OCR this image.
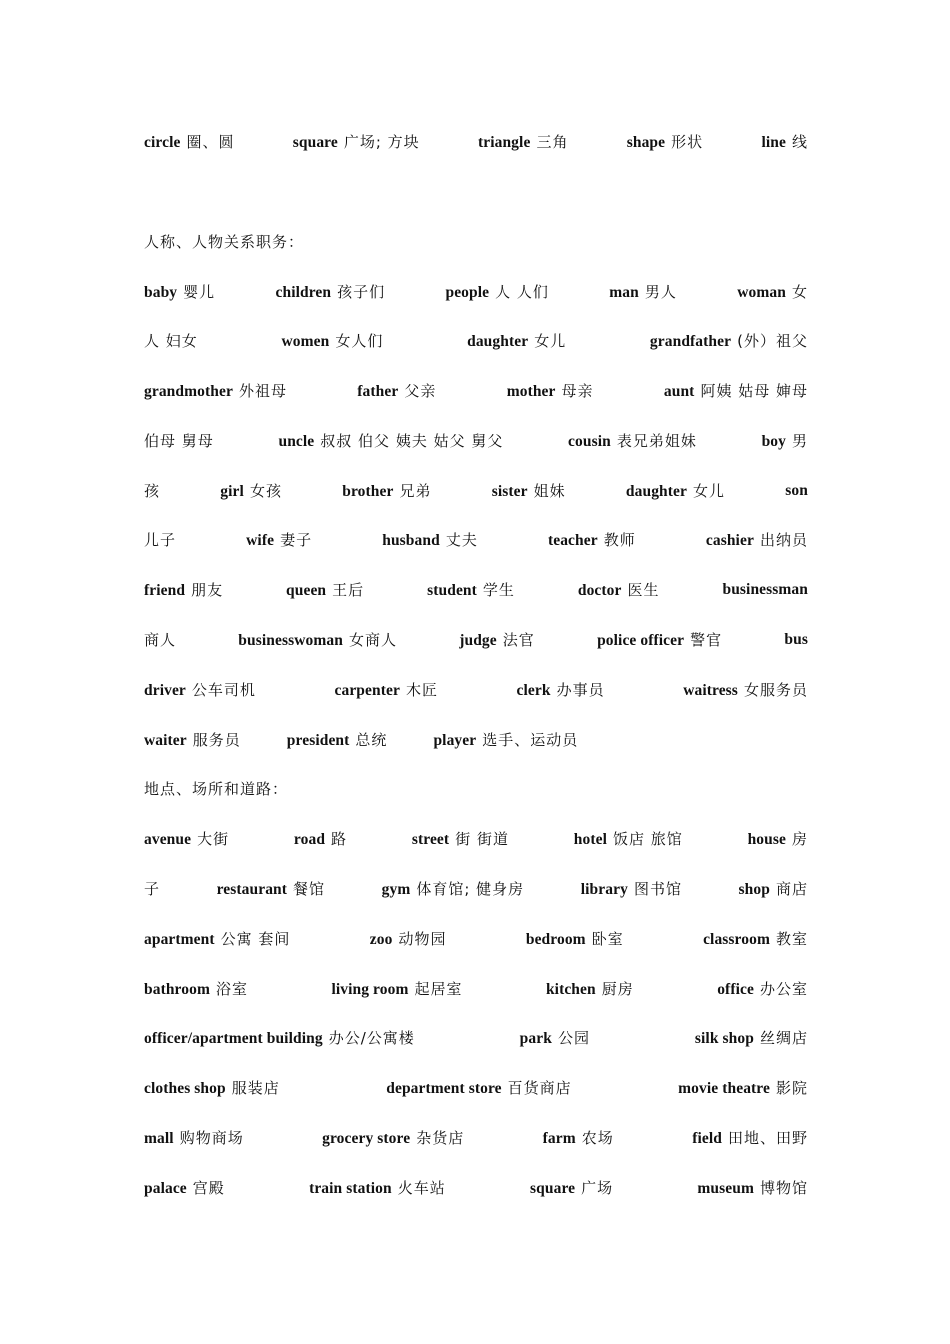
circle 圈、圆	square 广场; 方块	triangle 三角	shape 形状	line 线
人称、人物关系职务：
baby 婴儿	children 孩子们	people 人 人们	man 男人	woman 女
人 妇女	women 女人们	daughter 女儿	grandfather (外）祖父
grandmother 外祖母	father 父亲	mother 母亲	aunt 阿姨 姑母 婶母
伯母 舅母	uncle 叔叔 伯父 姨夫 姑父 舅父	cousin 表兄弟姐妹	boy 男
孩	girl 女孩	brother 兄弟	sister 姐妹	daughter 女儿	son
儿子	wife 妻子	husband 丈夫	teacher 教师	cashier 出纳员
friend 朋友	queen 王后	student 学生	doctor 医生	businessman
商人	businesswoman 女商人	judge 法官	police officer 警官	bus
driver 公车司机	carpenter 木匠	clerk 办事员	waitress 女服务员
waiter 服务员	president 总统	player 选手、运动员
地点、场所和道路：
avenue 大街	road 路	street 街 街道	hotel 饭店 旅馆	house 房
子	restaurant 餐馆	gym 体育馆; 健身房	library 图书馆	shop 商店
apartment 公寓 套间	zoo 动物园	bedroom 卧室	classroom 教室
bathroom 浴室	living room 起居室	kitchen 厨房	office 办公室
officer/apartment building 办公/公寓楼	park 公园	silk shop 丝绸店
clothes shop 服装店	department store 百货商店	movie theatre 影院
mall 购物商场	grocery store 杂货店	farm 农场	field 田地、田野
palace 宫殿	train station 火车站	square 广场	museum 博物馆
